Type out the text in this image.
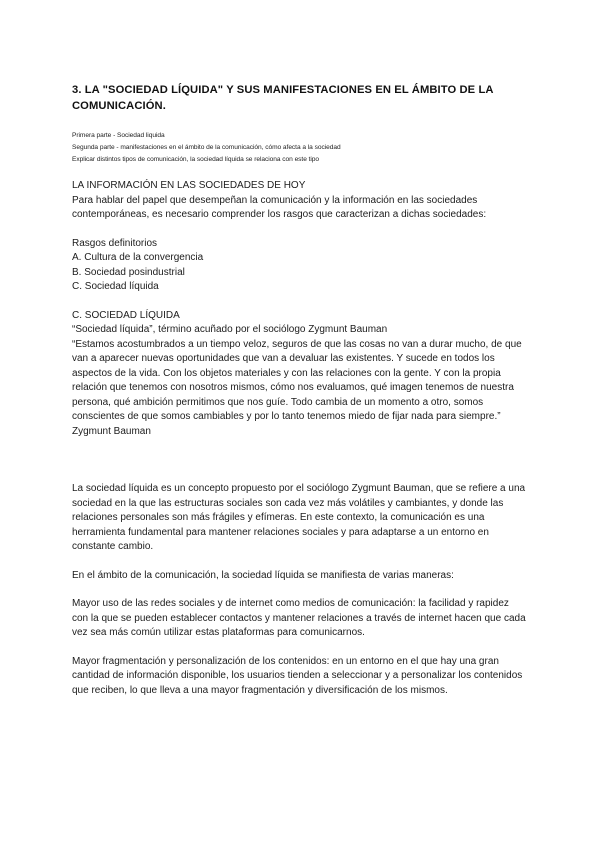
3. LA "SOCIEDAD LÍQUIDA" Y SUS MANIFESTACIONES EN EL ÁMBITO DE LA COMUNICACIÓN.
Primera parte - Sociedad liquida
Segunda parte - manifestaciones en el ámbito de la comunicación, cómo afecta a la sociedad
Explicar distintos tipos de comunicación, la sociedad líquida se relaciona con este tipo

LA INFORMACIÓN EN LAS SOCIEDADES DE HOY

Para hablar del papel que desempeñan la comunicación y la información en las sociedades contemporáneas, es necesario comprender los rasgos que caracterizan a dichas sociedades:

Rasgos definitorios

A. Cultura de la convergencia

B. Sociedad posindustrial

C. Sociedad líquida

C. SOCIEDAD LÍQUIDA

“Sociedad líquida”, término acuñado por el sociólogo Zygmunt Bauman

“Estamos acostumbrados a un tiempo veloz, seguros de que las cosas no van a durar mucho, de que van a aparecer nuevas oportunidades que van a devaluar las existentes. Y sucede en todos los aspectos de la vida. Con los objetos materiales y con las relaciones con la gente. Y con la propia relación que tenemos con nosotros mismos, cómo nos evaluamos, qué imagen tenemos de nuestra persona, qué ambición permitimos que nos guíe. Todo cambia de un momento a otro, somos conscientes de que somos cambiables y por lo tanto tenemos miedo de fijar nada para siempre.” Zygmunt Bauman

La sociedad líquida es un concepto propuesto por el sociólogo Zygmunt Bauman, que se refiere a una sociedad en la que las estructuras sociales son cada vez más volátiles y cambiantes, y donde las relaciones personales son más frágiles y efímeras. En este contexto, la comunicación es una herramienta fundamental para mantener relaciones sociales y para adaptarse a un entorno en constante cambio.

En el ámbito de la comunicación, la sociedad líquida se manifiesta de varias maneras:

Mayor uso de las redes sociales y de internet como medios de comunicación: la facilidad y rapidez con la que se pueden establecer contactos y mantener relaciones a través de internet hacen que cada vez sea más común utilizar estas plataformas para comunicarnos.

Mayor fragmentación y personalización de los contenidos: en un entorno en el que hay una gran cantidad de información disponible, los usuarios tienden a seleccionar y a personalizar los contenidos que reciben, lo que lleva a una mayor fragmentación y diversificación de los mismos.
